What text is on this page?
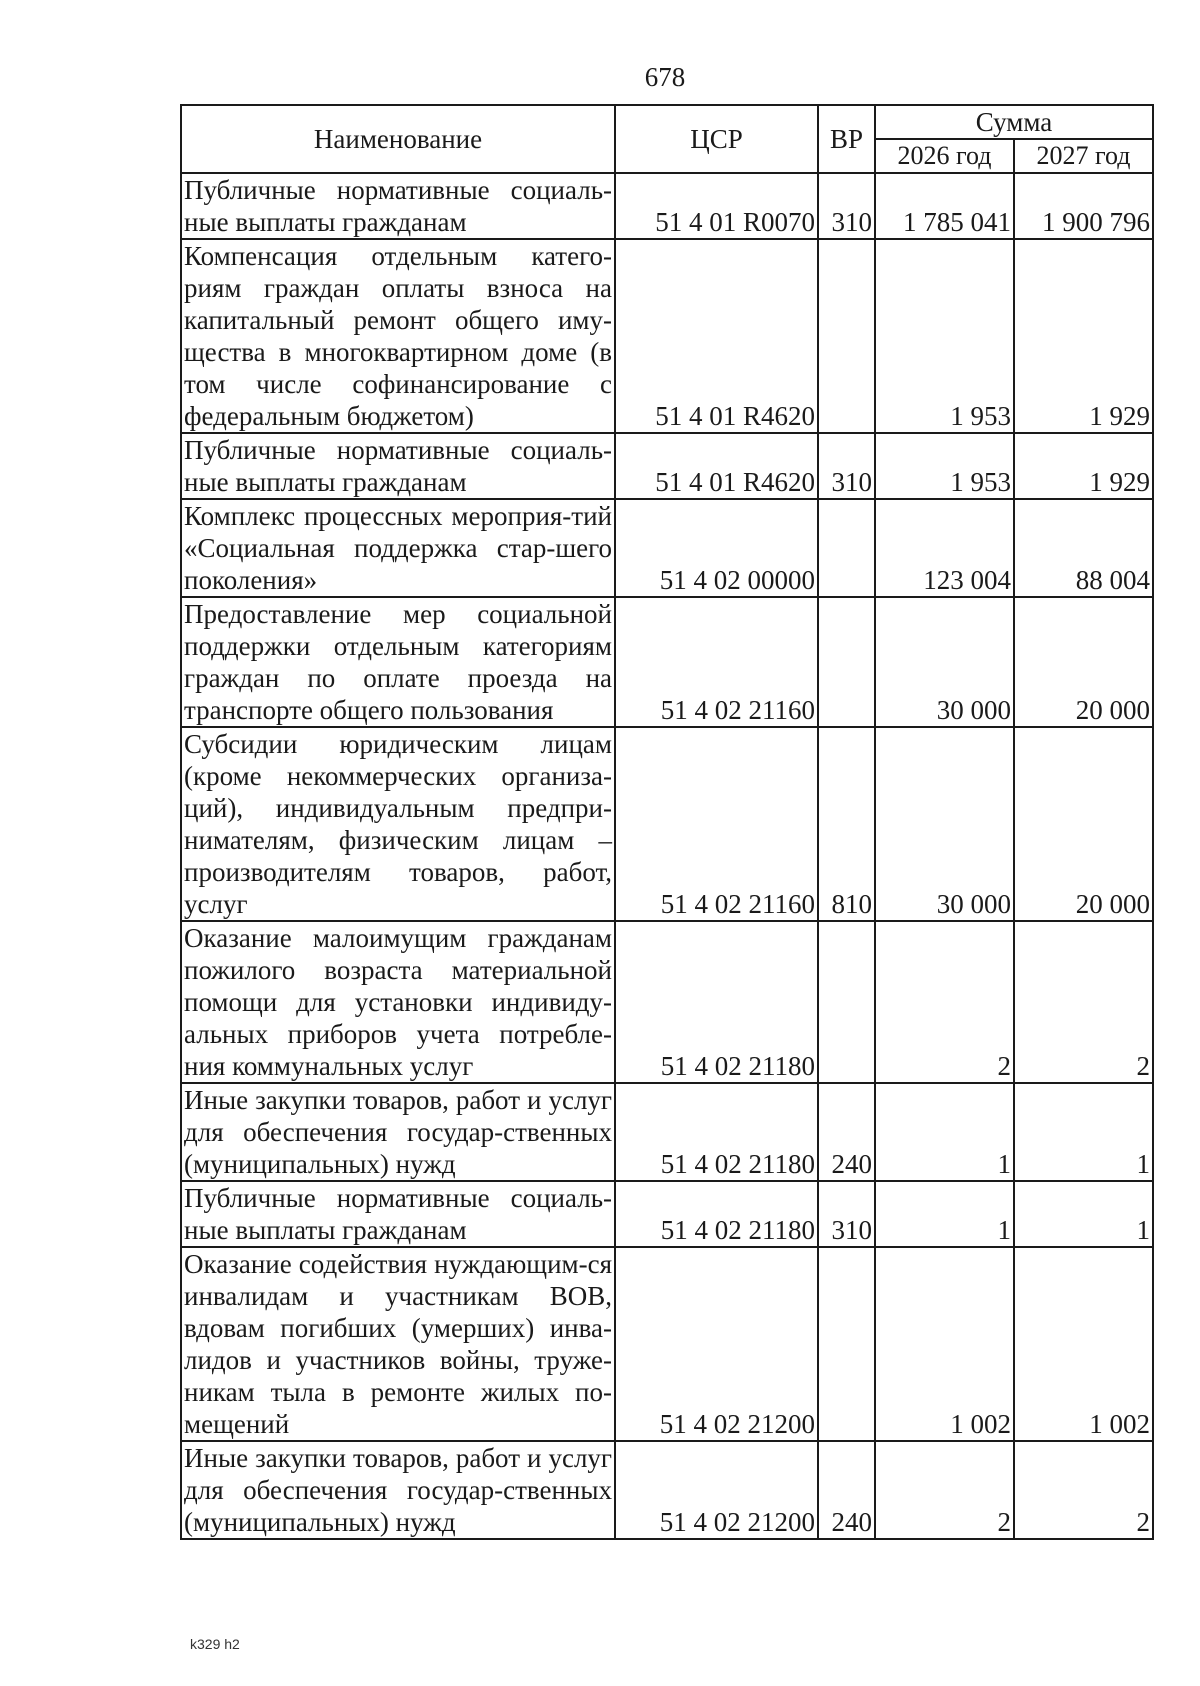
678
Наименование	ЦСР	ВР	Сумма	
			2026 год	2027 год
Публичные нормативные социаль-ные выплаты гражданам	51 4 01 R0070	310	1 785 041	1 900 796
Компенсация отдельным катего-риям граждан оплаты взноса на капитальный ремонт общего иму-щества в многоквартирном доме (в том числе софинансирование с федеральным бюджетом)	51 4 01 R4620		1 953	1 929
Публичные нормативные социаль-ные выплаты гражданам	51 4 01 R4620	310	1 953	1 929
Комплекс процессных мероприя-тий «Социальная поддержка стар-шего поколения»	51 4 02 00000		123 004	88 004
Предоставление мер социальной поддержки отдельным категориям граждан по оплате проезда на транспорте общего пользования	51 4 02 21160		30 000	20 000
Субсидии юридическим лицам (кроме некоммерческих организа-ций), индивидуальным предпри-нимателям, физическим лицам – производителям товаров, работ, услуг	51 4 02 21160	810	30 000	20 000
Оказание малоимущим гражданам пожилого возраста материальной помощи для установки индивиду-альных приборов учета потребле-ния коммунальных услуг	51 4 02 21180		2	2
Иные закупки товаров, работ и услуг для обеспечения государ-ственных (муниципальных) нужд	51 4 02 21180	240	1	1
Публичные нормативные социаль-ные выплаты гражданам	51 4 02 21180	310	1	1
Оказание содействия нуждающим-ся инвалидам и участникам ВОВ, вдовам погибших (умерших) инва-лидов и участников войны, труже-никам тыла в ремонте жилых по-мещений	51 4 02 21200		1 002	1 002
Иные закупки товаров, работ и услуг для обеспечения государ-ственных (муниципальных) нужд	51 4 02 21200	240	2	2
k329 h2
